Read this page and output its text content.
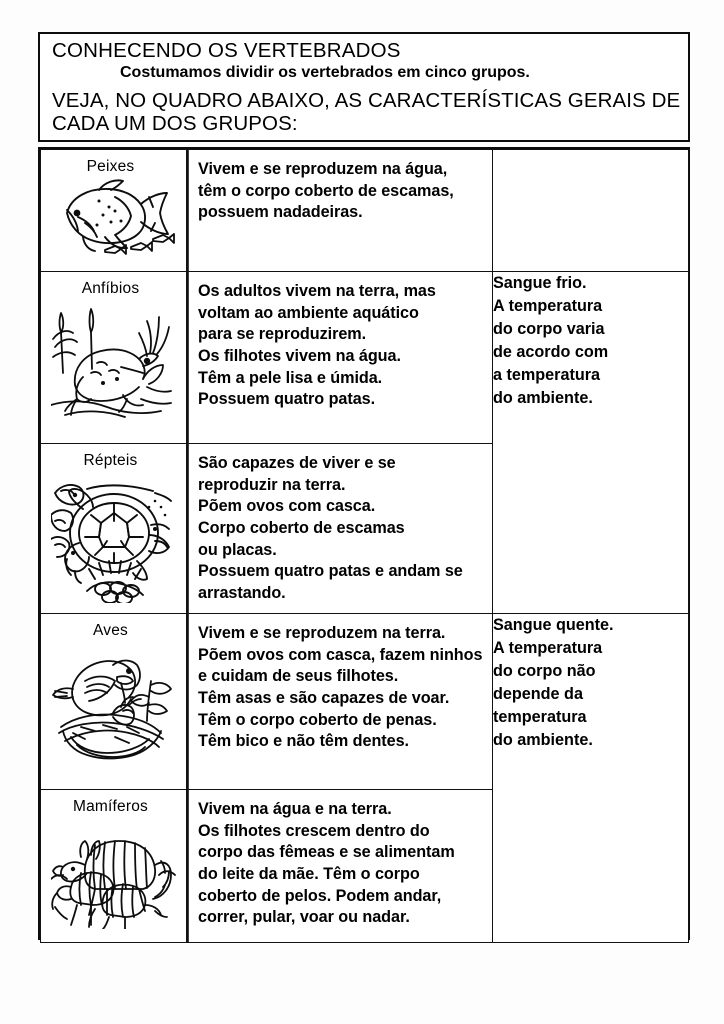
CONHECENDO OS VERTEBRADOS
Costumamos dividir os vertebrados em cinco grupos.
VEJA, NO QUADRO ABAIXO, AS CARACTERÍSTICAS GERAIS DE
CADA UM DOS GRUPOS:
Peixes	Vivem e se reproduzem na água,
têm o corpo coberto de escamas,
possuem nadadeiras.	

Anfíbios	Os adultos vivem na terra, mas
voltam ao ambiente aquático
para se reproduzirem.
Os filhotes vivem na água.
Têm a pele lisa e úmida.
Possuem quatro patas.

Sangue frio.
A temperatura
do corpo varia
de acordo com
a temperatura
do ambiente.

Répteis	São capazes de viver e se
reproduzir na terra.
Põem ovos com casca.
Corpo coberto de escamas
ou placas.
Possuem quatro patas e andam se
arrastando.

Aves	Vivem e se reproduzem na terra.
Põem ovos com casca, fazem ninhos
e cuidam de seus filhotes.
Têm asas e são capazes de voar.
Têm o corpo coberto de penas.
Têm bico e não têm dentes.

Sangue quente.
A temperatura
do corpo não
depende da
temperatura
do ambiente.

Mamíferos	Vivem na água e na terra.
Os filhotes crescem dentro do
corpo das fêmeas e se alimentam
do leite da mãe. Têm o corpo
coberto de pelos. Podem andar,
correr, pular, voar ou nadar.
